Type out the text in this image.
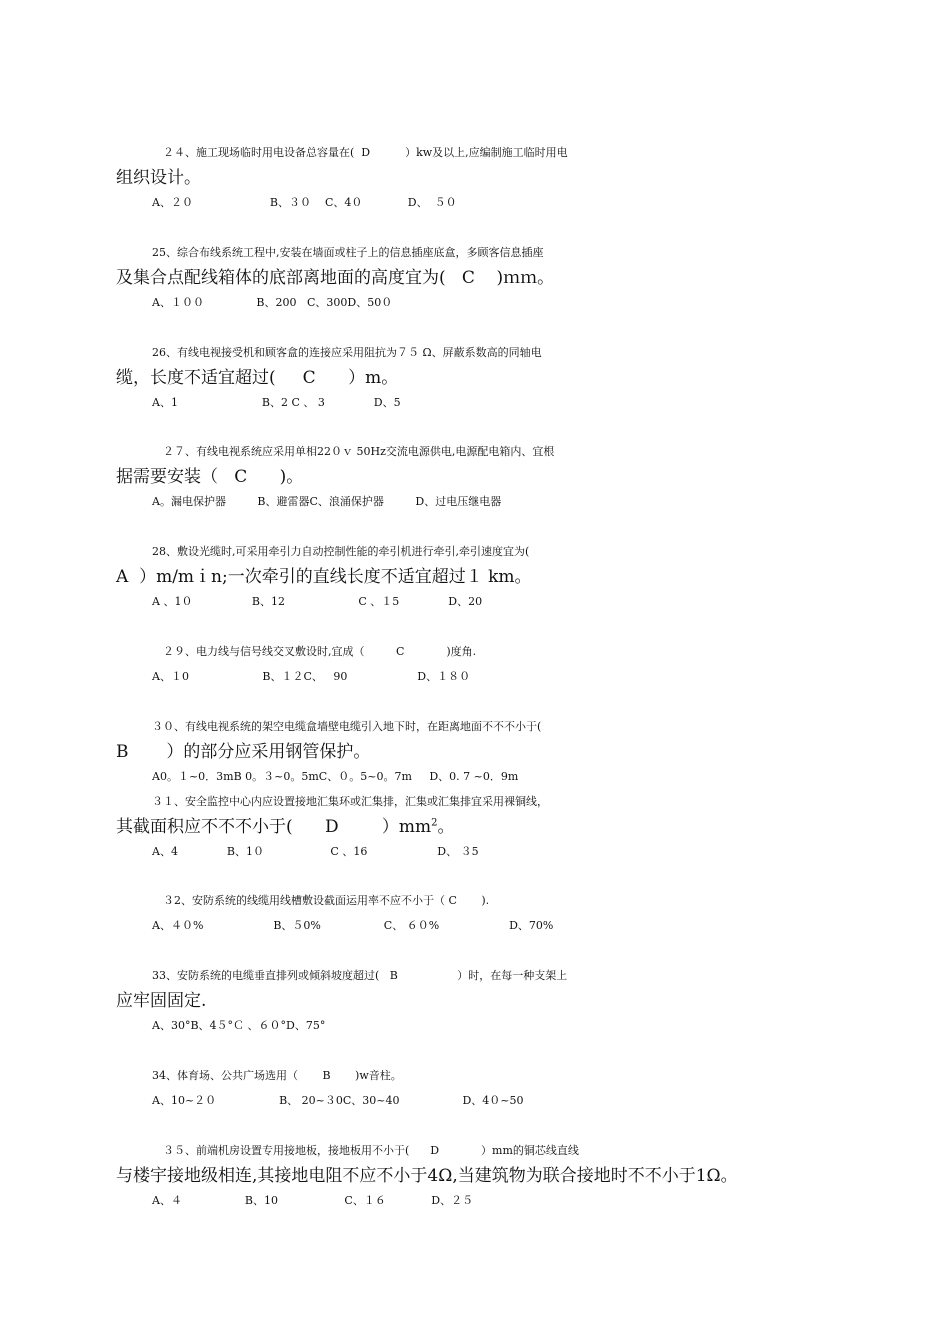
　２４、施工现场临时用电设备总容量在(  D          ）kw及以上,应编制施工临时用电

组织设计。

A、２０                      B、３０    C、4０             D、  ５０

25、综合布线系统工程中,安装在墙面或柱子上的信息插座底盒，多顾客信息插座

及集合点配线箱体的底部离地面的高度宜为(   C    )ｍｍ。

A、１００               B、200   C、300D、50０

26、有线电视接受机和顾客盒的连接应采用阻抗为７５ Ω、屏蔽系数高的同轴电

缆，长度不适宜超过(     C      ）m。

A、1                        B、2 C 、 3              D、5

　２７、有线电视系统应采用单相22０ｖ 50Hz交流电源供电,电源配电箱内、宜根

据需要安装（   C      )。

A。漏电保护器         B、避雷器C、浪涌保护器         D、过电压继电器

28、敷设光缆时,可采用牵引力自动控制性能的牵引机进行牵引,牵引速度宜为(

A  ）m/mｉn;一次牵引的直线长度不适宜超过１ km。

A 、1０                 B、12                     C 、１5              D、20

　２９、电力线与信号线交叉敷设时,宜成（         C            )度角.

A、１0                     B、１２C、   90                    D、１８０

３０、有线电视系统的架空电缆盒墙壁电缆引入地下时，在距离地面不不不小于(

B       ）的部分应采用钢管保护。

A0。１~0．3mB 0。３~0。5mC、０。5~0。7m     D、0. 7 ~0．9m

３１、安全监控中心内应设置接地汇集环或汇集排，汇集或汇集排宜采用裸铜线，

其截面积应不不不小于(      D        ）$mm^2$。

A、4              B、1０                   C 、16                    D、 ３5

　３2、安防系统的线缆用线槽敷设截面运用率不应不小于（ C       ).

A、４０%                    B、５0%                  C、 ６０%                    D、70%

33、安防系统的电缆垂直排列或倾斜坡度超过(   B                 ）时，在每一种支架上

应牢固固定.

A、30°B、4５°Ｃ 、６０°D、75°

34、体育场、公共广场选用（       B       )w音柱。

A、10~２０                  B、 20~３0C、30~40                  D、4０~50

　３５、前端机房设置专用接地板，接地板用不小于(      D            ）mm的铜芯线直线

与楼宇接地级相连,其接地电阻不应不小于4Ω,当建筑物为联合接地时不不小于1Ω。

A、４                  B、10                   C、１６             D、２５
